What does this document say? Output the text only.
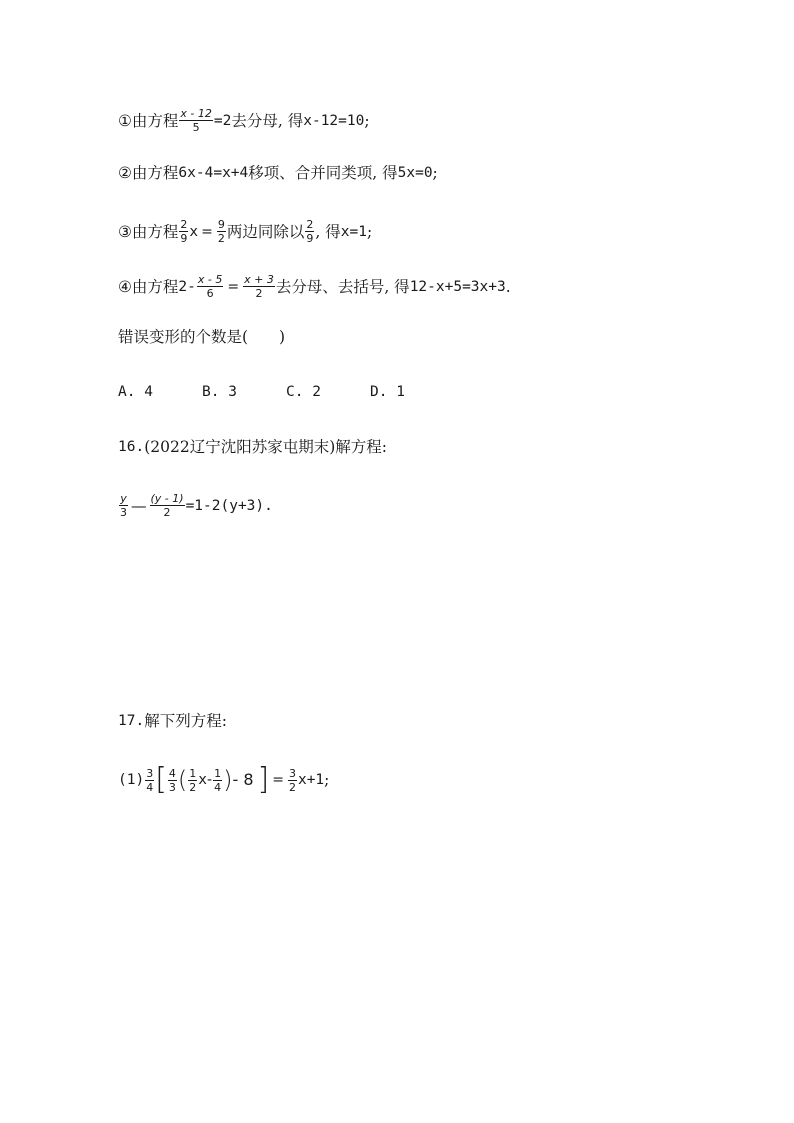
① 由方程 $\frac{x - 12}{5} =2$ 去分母, 得 x-12=10 ;
② 由方程 6x-4=x+4 移项、合并同类项, 得 5x=0 ;
③ 由方程 $\frac{2}{9}$ $x = \frac{9}{2}$ 两边同除以 $\frac{2}{9}$ , 得 x=1 ;
④ 由方程 $2- \frac{x - 5}{6} = \frac{x + 3}{2}$ 去分母、去括号, 得 12-x+5=3x+3 .
错误变形的个数是(　　)
A. 4	B. 3	C. 2	D. 1
16. (2022辽宁沈阳苏家屯期末) 解方程:
$\frac{y}{3}$ — $\frac{(y - 1)}{2} =1-2(y+3)$.
17. 解下列方程:
$(1) \frac{3}{4}$ [ $\frac{4}{3}$ ( $\frac{1}{2}$ x - $\frac{1}{4}$ ) - 8 ] = $\frac{3}{2} x+1$ ;
